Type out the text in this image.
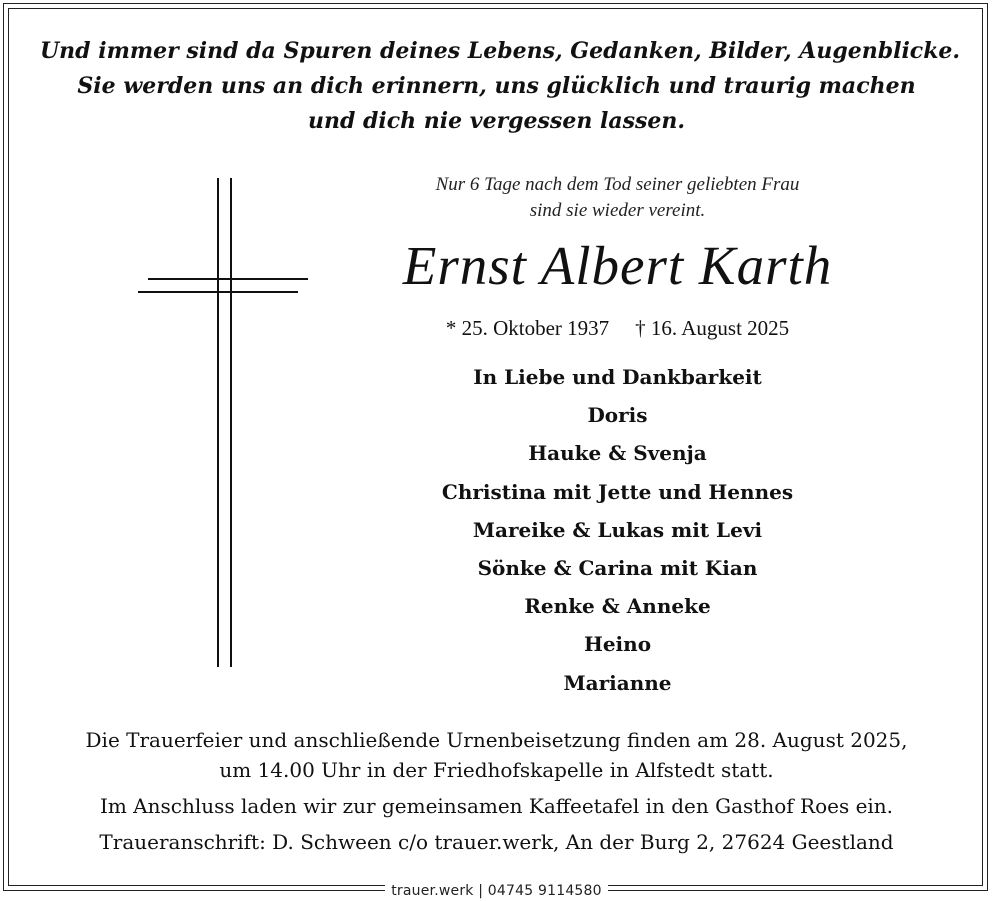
Und immer sind da Spuren deines Lebens, Gedanken, Bilder, Augenblicke.
Sie werden uns an dich erinnern, uns glücklich und traurig machen
und dich nie vergessen lassen.
Nur 6 Tage nach dem Tod seiner geliebten Frau
sind sie wieder vereint.
Ernst Albert Karth
* 25. Oktober 1937 † 16. August 2025
In Liebe und Dankbarkeit
Doris
Hauke & Svenja
Christina mit Jette und Hennes
Mareike & Lukas mit Levi
Sönke & Carina mit Kian
Renke & Anneke
Heino
Marianne
Die Trauerfeier und anschließende Urnenbeisetzung finden am 28. August 2025,
um 14.00 Uhr in der Friedhofskapelle in Alfstedt statt.
Im Anschluss laden wir zur gemeinsamen Kaffeetafel in den Gasthof Roes ein.
Traueranschrift: D. Schween c/o trauer.werk, An der Burg 2, 27624 Geestland
trauer.werk | 04745 9114580
